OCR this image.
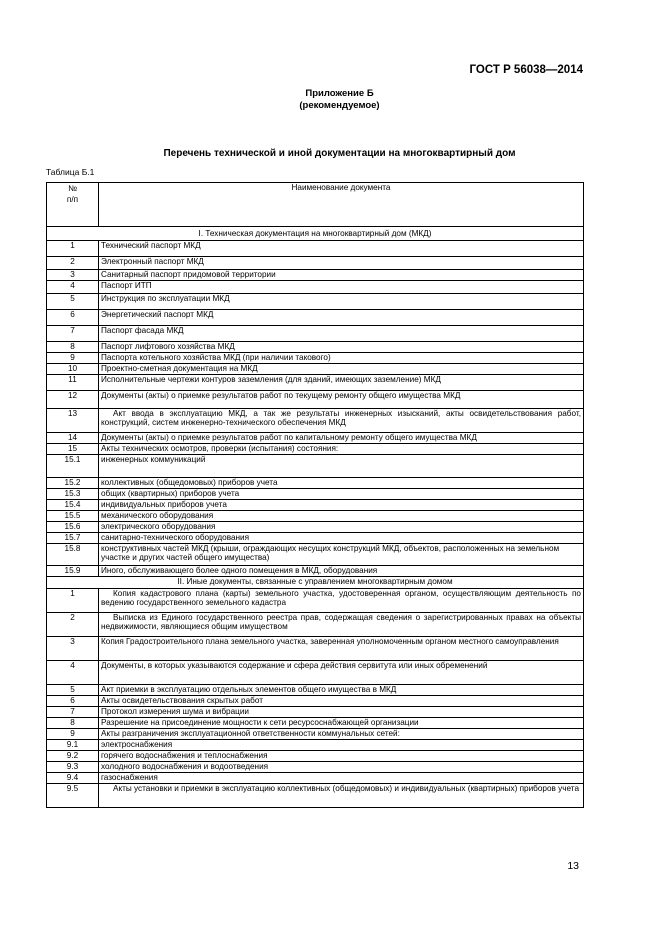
ГОСТ Р 56038—2014
Приложение Б
(рекомендуемое)
Перечень технической и иной документации на многоквартирный дом
Таблица Б.1
№
п/п	Наименование документа
I. Техническая документация на многоквартирный дом (МКД)	
1	Технический паспорт МКД
2	Электронный паспорт МКД
3	Санитарный паспорт придомовой территории
4	Паспорт ИТП
5	Инструкция по эксплуатации МКД
6	Энергетический паспорт МКД
7	Паспорт фасада МКД
8	Паспорт лифтового хозяйства МКД
9	Паспорта котельного хозяйства МКД (при наличии такового)
10	Проектно-сметная документация на МКД
11	Исполнительные чертежи контуров заземления (для зданий, имеющих заземление) МКД
12	Документы (акты) о приемке результатов работ по текущему ремонту общего имущества МКД
13	Акт ввода в эксплуатацию МКД, а так же результаты инженерных изысканий, акты освидетельствования работ, конструкций, систем инженерно-технического обеспечения МКД
14	Документы (акты) о приемке результатов работ по капитальному ремонту общего имущества МКД
15	Акты технических осмотров, проверки (испытания) состояния:
15.1	инженерных коммуникаций
15.2	коллективных (общедомовых) приборов учета
15.3	общих (квартирных) приборов учета
15.4	индивидуальных приборов учета
15.5	механического оборудования
15.6	электрического оборудования
15.7	санитарно-технического оборудования
15.8	конструктивных частей МКД (крыши, ограждающих несущих конструкций МКД, объектов, расположенных на земельном участке и других частей общего имущества)
15.9	Иного, обслуживающего более одного помещения в МКД, оборудования
II. Иные документы, связанные с управлением многоквартирным домом	
1	Копия кадастрового плана (карты) земельного участка, удостоверенная органом, осуществляющим деятельность по ведению государственного земельного кадастра
2	Выписка из Единого государственного реестра прав, содержащая сведения о зарегистрированных правах на объекты недвижимости, являющиеся общим имуществом
3	Копия Градостроительного плана земельного участка, заверенная уполномоченным органом местного самоуправления
4	Документы, в которых указываются содержание и сфера действия сервитута или иных обременений
5	Акт приемки в эксплуатацию отдельных элементов общего имущества в МКД
6	Акты освидетельствования скрытых работ
7	Протокол измерения шума и вибрации
8	Разрешение на присоединение мощности к сети ресурсоснабжающей организации
9	Акты разграничения эксплуатационной ответственности коммунальных сетей:
9.1	электроснабжения
9.2	горячего водоснабжения и теплоснабжения
9.3	холодного водоснабжения и водоотведения
9.4	газоснабжения
9.5	Акты установки и приемки в эксплуатацию коллективных (общедомовых) и индивидуальных (квартирных) приборов учета
13
